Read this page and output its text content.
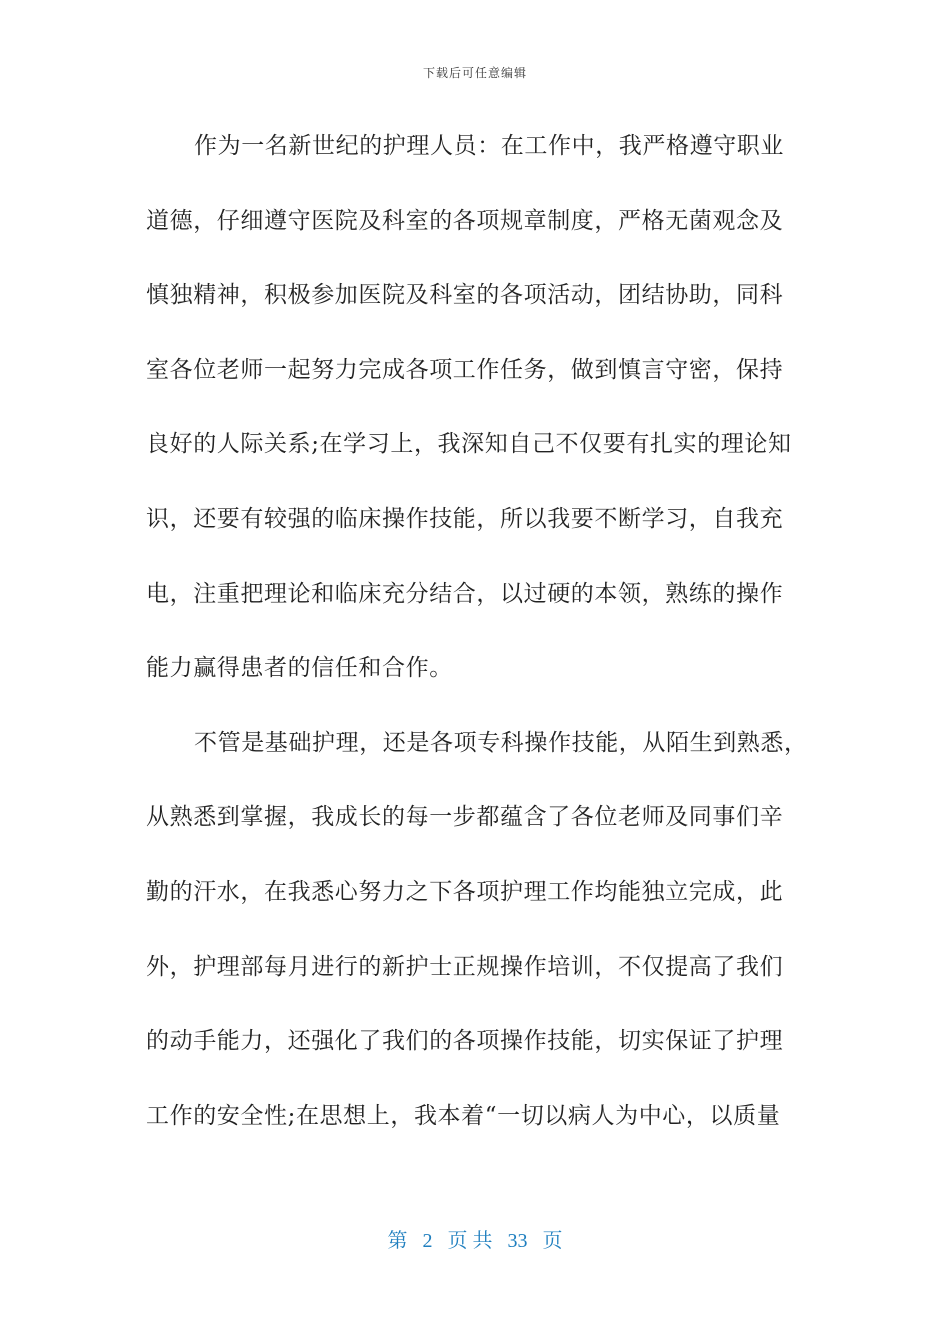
下载后可任意编辑
作为一名新世纪的护理人员：在工作中，我严格遵守职业
道德，仔细遵守医院及科室的各项规章制度，严格无菌观念及
慎独精神，积极参加医院及科室的各项活动，团结协助，同科
室各位老师一起努力完成各项工作任务，做到慎言守密，保持
良好的人际关系;在学习上，我深知自己不仅要有扎实的理论知
识，还要有较强的临床操作技能，所以我要不断学习，自我充
电，注重把理论和临床充分结合，以过硬的本领，熟练的操作
能力赢得患者的信任和合作。
不管是基础护理，还是各项专科操作技能，从陌生到熟悉，
从熟悉到掌握，我成长的每一步都蕴含了各位老师及同事们辛
勤的汗水，在我悉心努力之下各项护理工作均能独立完成，此
外，护理部每月进行的新护士正规操作培训，不仅提高了我们
的动手能力，还强化了我们的各项操作技能，切实保证了护理
工作的安全性;在思想上，我本着“一切以病人为中心，以质量
第 2 页 共 33 页
